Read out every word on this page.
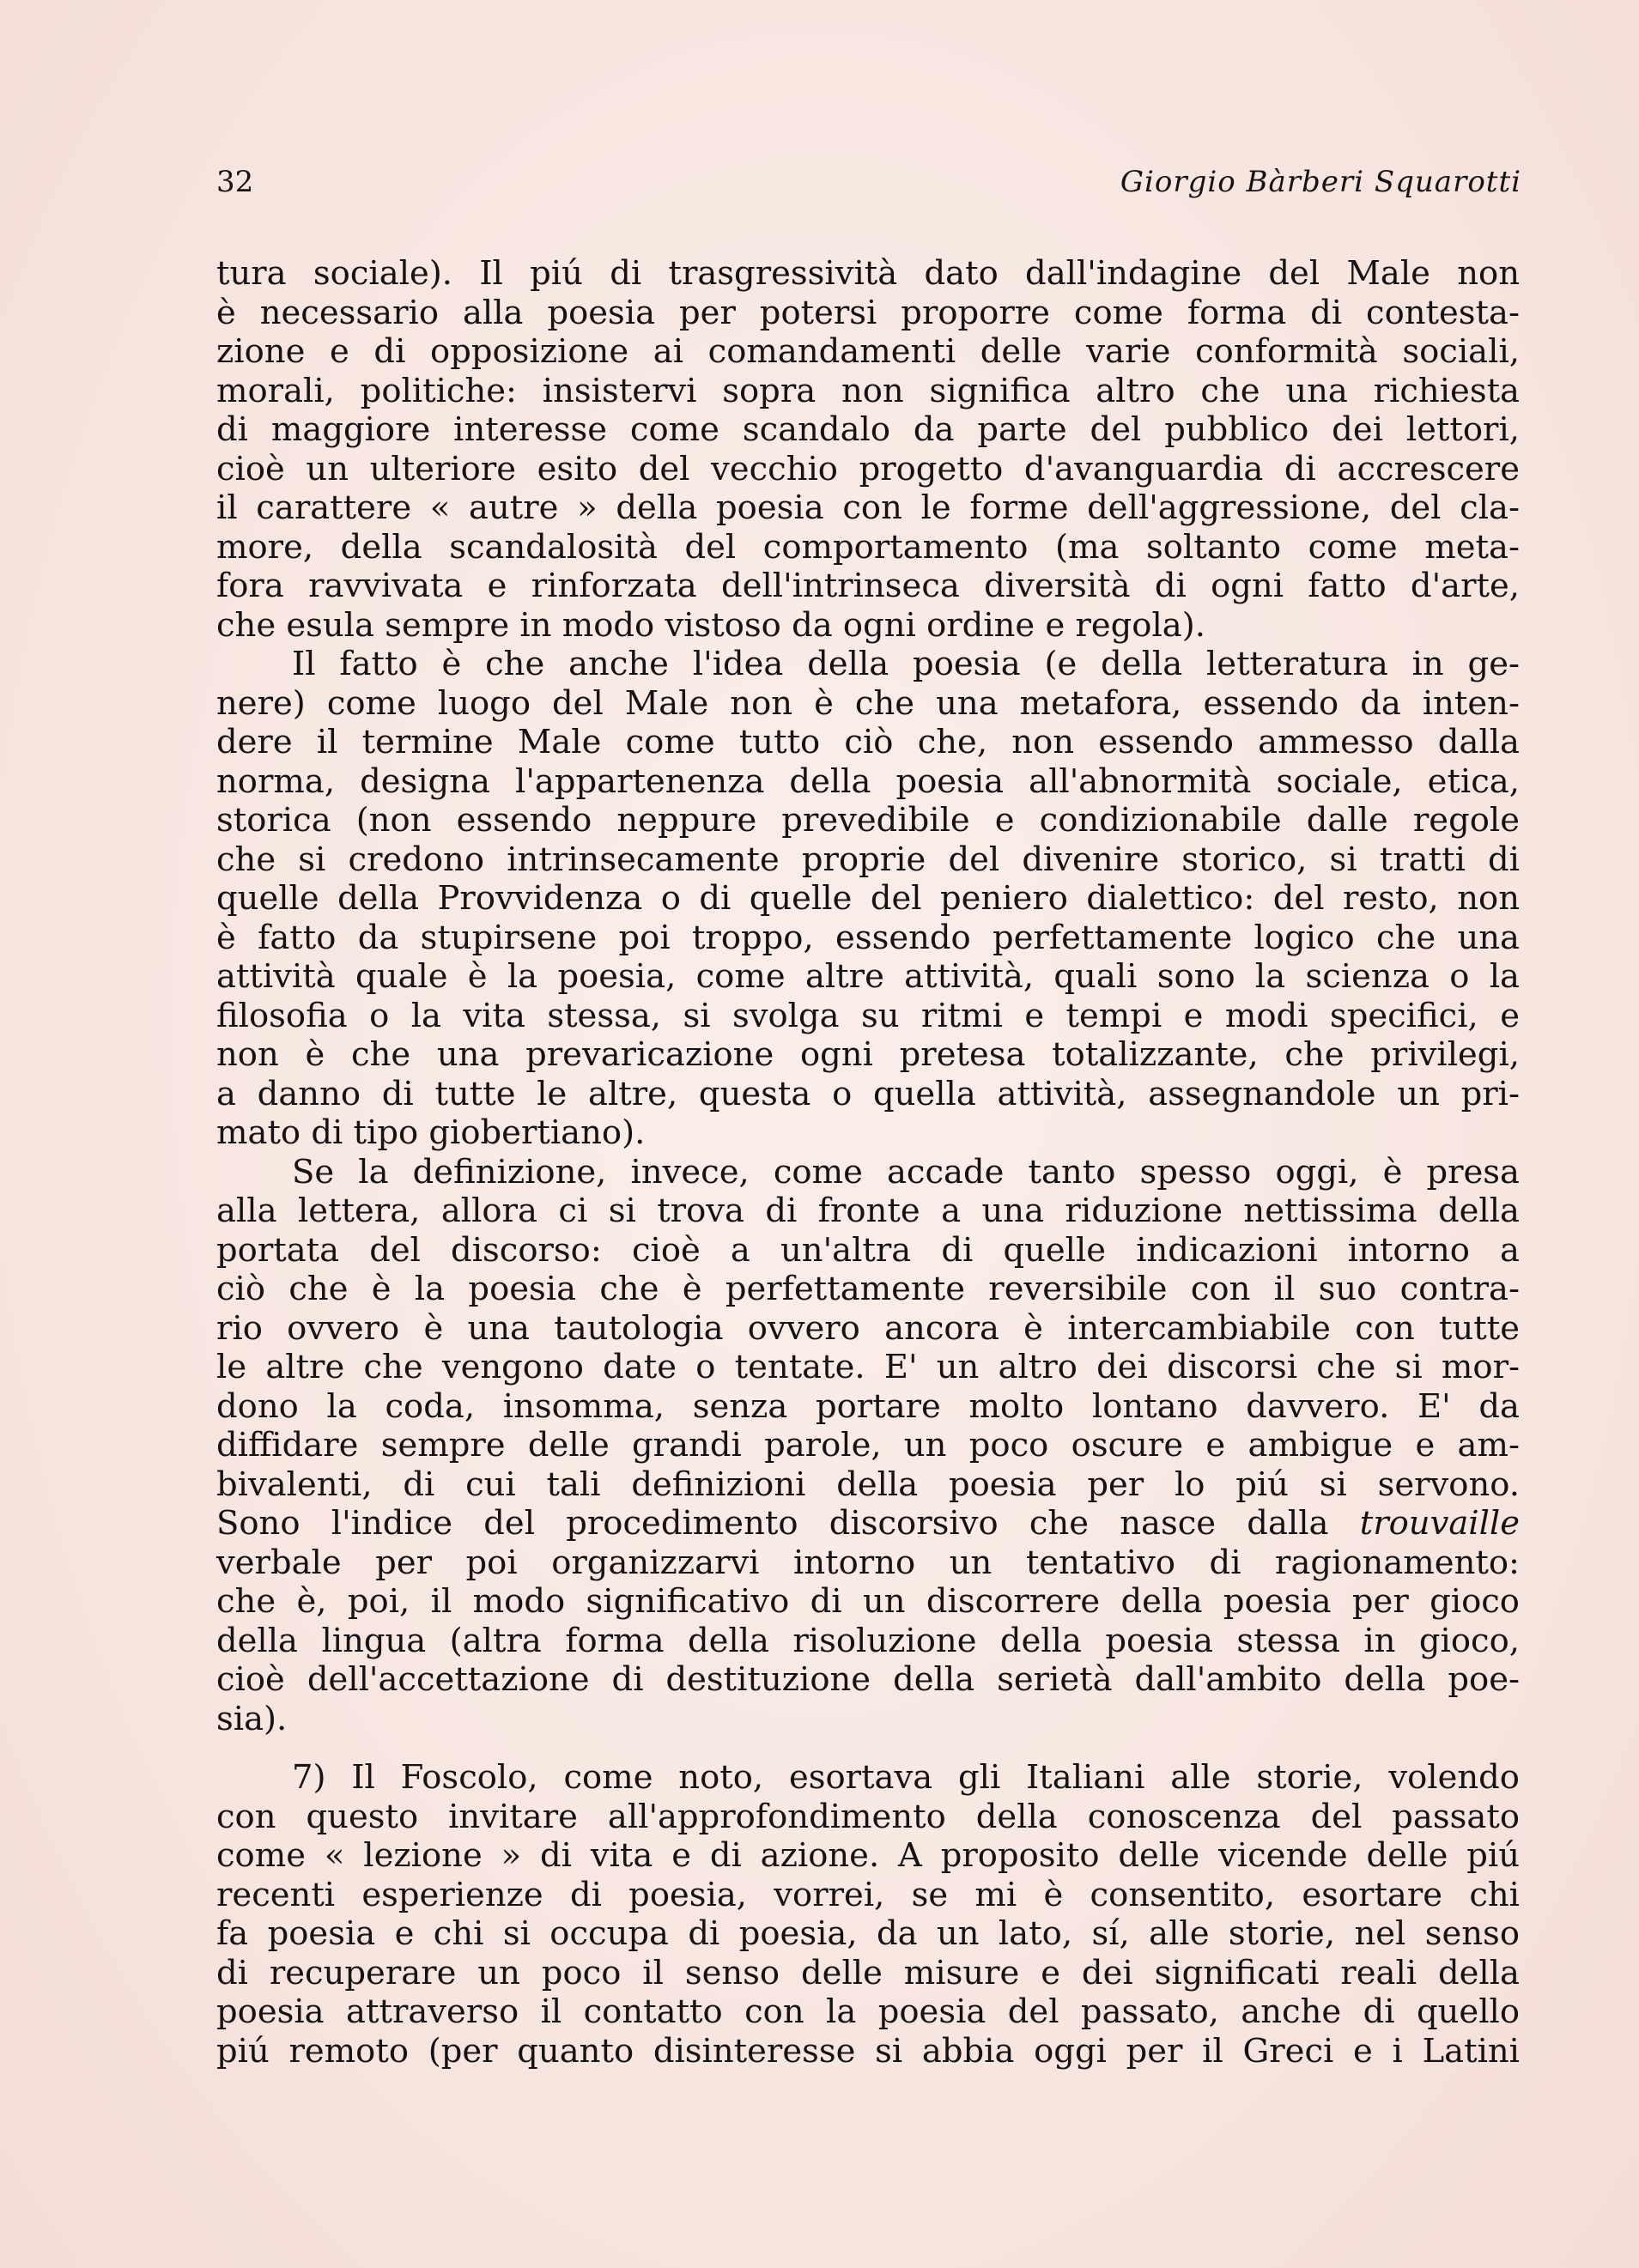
32	Giorgio Bàrberi Squarotti
tura sociale). Il piú di trasgressività dato dall'indagine del Male non
è necessario alla poesia per potersi proporre come forma di contesta-
zione e di opposizione ai comandamenti delle varie conformità sociali,
morali, politiche: insistervi sopra non significa altro che una richiesta
di maggiore interesse come scandalo da parte del pubblico dei lettori,
cioè un ulteriore esito del vecchio progetto d'avanguardia di accrescere
il carattere « autre » della poesia con le forme dell'aggressione, del cla-
more, della scandalosità del comportamento (ma soltanto come meta-
fora ravvivata e rinforzata dell'intrinseca diversità di ogni fatto d'arte,
che esula sempre in modo vistoso da ogni ordine e regola).
Il fatto è che anche l'idea della poesia (e della letteratura in ge-
nere) come luogo del Male non è che una metafora, essendo da inten-
dere il termine Male come tutto ciò che, non essendo ammesso dalla
norma, designa l'appartenenza della poesia all'abnormità sociale, etica,
storica (non essendo neppure prevedibile e condizionabile dalle regole
che si credono intrinsecamente proprie del divenire storico, si tratti di
quelle della Provvidenza o di quelle del peniero dialettico: del resto, non
è fatto da stupirsene poi troppo, essendo perfettamente logico che una
attività quale è la poesia, come altre attività, quali sono la scienza o la
filosofia o la vita stessa, si svolga su ritmi e tempi e modi specifici, e
non è che una prevaricazione ogni pretesa totalizzante, che privilegi,
a danno di tutte le altre, questa o quella attività, assegnandole un pri-
mato di tipo giobertiano).
Se la definizione, invece, come accade tanto spesso oggi, è presa
alla lettera, allora ci si trova di fronte a una riduzione nettissima della
portata del discorso: cioè a un'altra di quelle indicazioni intorno a
ciò che è la poesia che è perfettamente reversibile con il suo contra-
rio ovvero è una tautologia ovvero ancora è intercambiabile con tutte
le altre che vengono date o tentate. E' un altro dei discorsi che si mor-
dono la coda, insomma, senza portare molto lontano davvero. E' da
diffidare sempre delle grandi parole, un poco oscure e ambigue e am-
bivalenti, di cui tali definizioni della poesia per lo piú si servono.
Sono l'indice del procedimento discorsivo che nasce dalla trouvaille
verbale per poi organizzarvi intorno un tentativo di ragionamento:
che è, poi, il modo significativo di un discorrere della poesia per gioco
della lingua (altra forma della risoluzione della poesia stessa in gioco,
cioè dell'accettazione di destituzione della serietà dall'ambito della poe-
sia).
7) Il Foscolo, come noto, esortava gli Italiani alle storie, volendo
con questo invitare all'approfondimento della conoscenza del passato
come « lezione » di vita e di azione. A proposito delle vicende delle piú
recenti esperienze di poesia, vorrei, se mi è consentito, esortare chi
fa poesia e chi si occupa di poesia, da un lato, sí, alle storie, nel senso
di recuperare un poco il senso delle misure e dei significati reali della
poesia attraverso il contatto con la poesia del passato, anche di quello
piú remoto (per quanto disinteresse si abbia oggi per il Greci e i Latini
